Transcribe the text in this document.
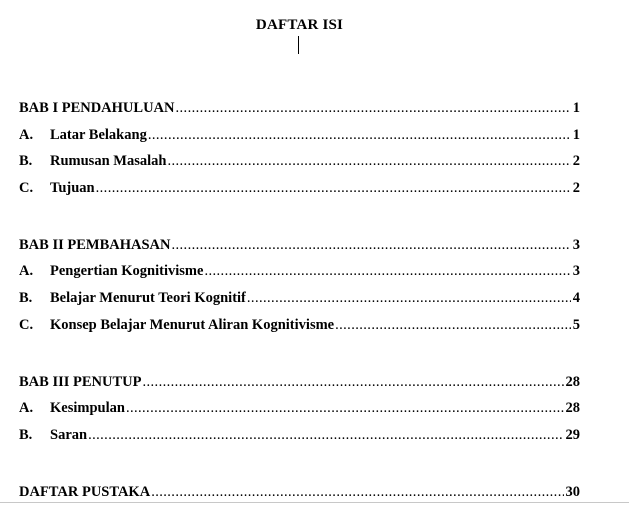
DAFTAR ISI
BAB I PENDAHULUAN .....	1
A.	Latar Belakang .....	1
B.	Rumusan Masalah .....	2
C.	Tujuan .....	2
BAB II PEMBAHASAN .....	3
A.	Pengertian Kognitivisme .....	3
B.	Belajar Menurut Teori Kognitif .....	4
C.	Konsep Belajar Menurut Aliran Kognitivisme .....	5
BAB III PENUTUP .....	28
A.	Kesimpulan .....	28
B.	Saran .....	29
DAFTAR PUSTAKA .....	30
